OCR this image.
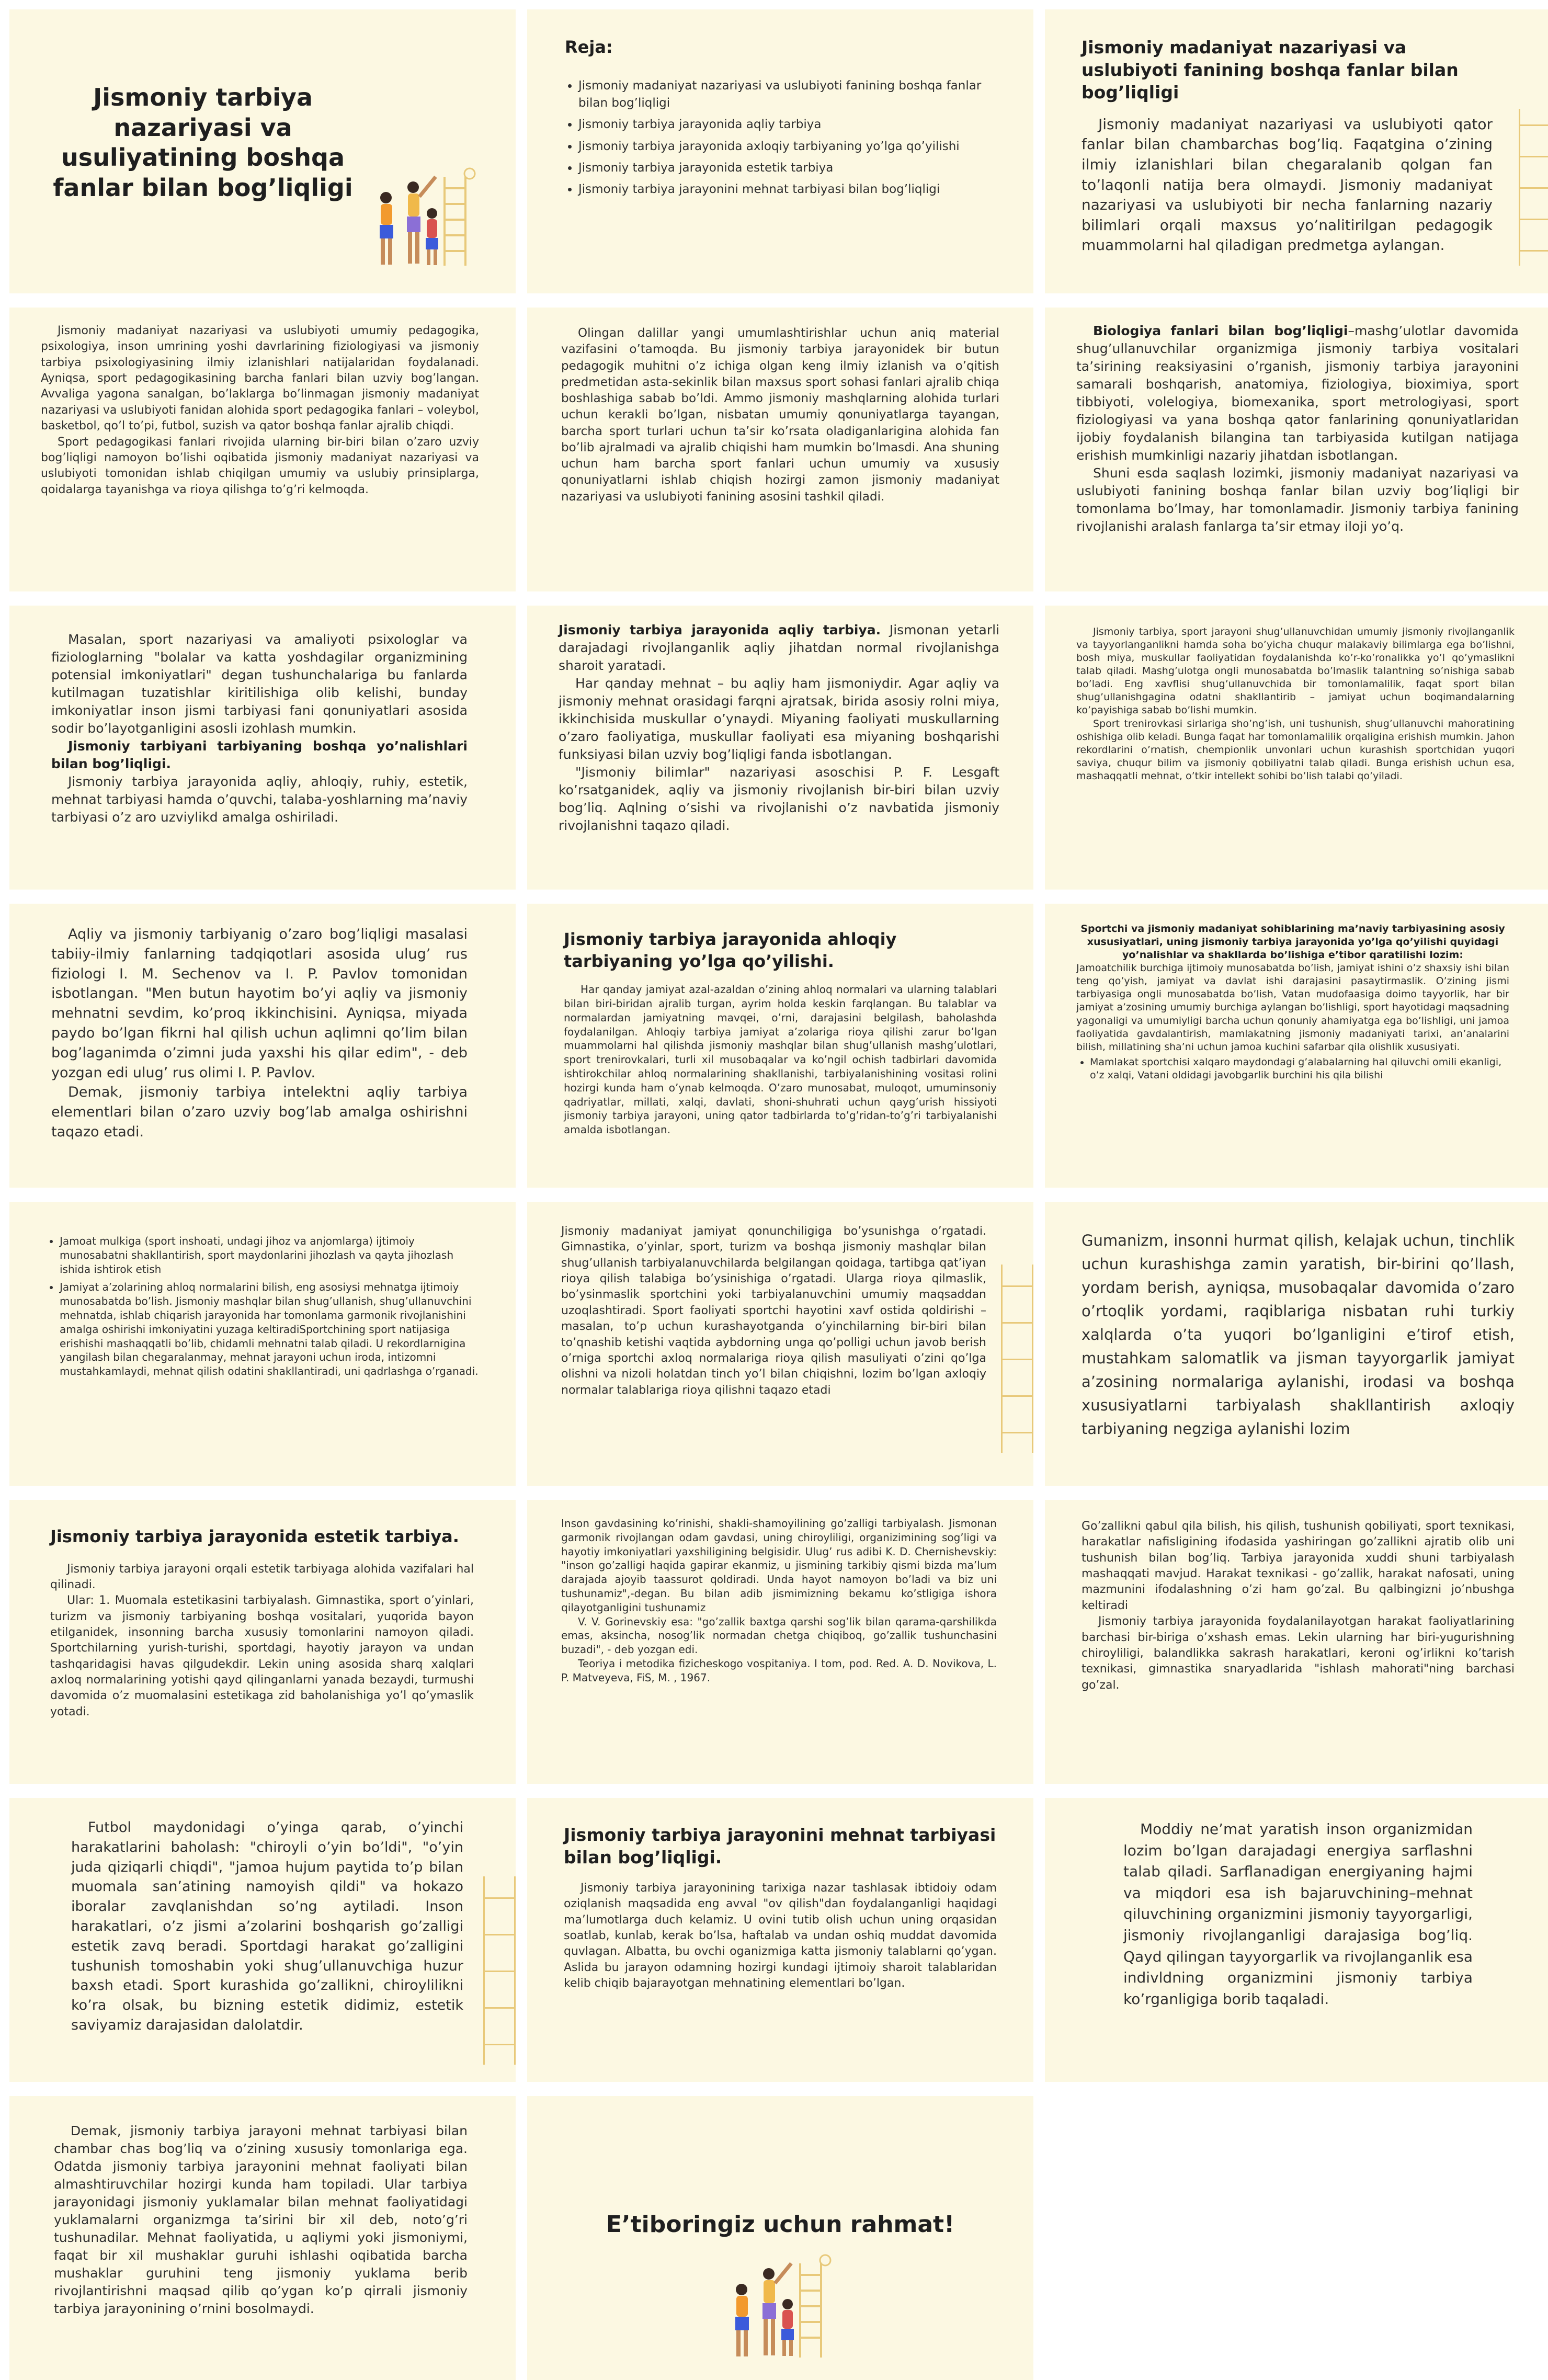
Jismoniy tarbiya nazariyasi va usuliyatining boshqa fanlar bilan bog’liqligi
Reja:
• Jismoniy madaniyat nazariyasi va uslubiyoti fanining boshqa fanlar bilan bog’liqligi
• Jismoniy tarbiya jarayonida aqliy tarbiya
• Jismoniy tarbiya jarayonida axloqiy tarbiyaning yo’lga qo’yilishi
• Jismoniy tarbiya jarayonida estetik tarbiya
• Jismoniy tarbiya jarayonini mehnat tarbiyasi bilan bog’liqligi
Jismoniy madaniyat nazariyasi va uslubiyoti fanining boshqa fanlar bilan bog’liqligi

Jismoniy madaniyat nazariyasi va uslubiyoti qator fanlar bilan chambarchas bog’liq. Faqatgina o’zining ilmiy izlanishlari bilan chegaralanib qolgan fan to’laqonli natija bera olmaydi. Jismoniy madaniyat nazariyasi va uslubiyoti bir necha fanlarning nazariy bilimlari orqali maxsus yo’nalitirilgan pedagogik muammolarni hal qiladigan predmetga aylangan.

Jismoniy madaniyat nazariyasi va uslubiyoti umumiy pedagogika, psixologiya, inson umrining yoshi davrlarining fiziologiyasi va jismoniy tarbiya psixologiyasining ilmiy izlanishlari natijalaridan foydalanadi. Ayniqsa, sport pedagogikasining barcha fanlari bilan uzviy bog’langan. Avvaliga yagona sanalgan, bo’laklarga bo’linmagan jismoniy madaniyat nazariyasi va uslubiyoti fanidan alohida sport pedagogika fanlari – voleybol, basketbol, qo’l to’pi, futbol, suzish va qator boshqa fanlar ajralib chiqdi.

Sport pedagogikasi fanlari rivojida ularning bir-biri bilan o’zaro uzviy bog’liqligi namoyon bo’lishi oqibatida jismoniy madaniyat nazariyasi va uslubiyoti tomonidan ishlab chiqilgan umumiy va uslubiy prinsiplarga, qoidalarga tayanishga va rioya qilishga to’g’ri kelmoqda.

Olingan dalillar yangi umumlashtirishlar uchun aniq material vazifasini o’tamoqda. Bu jismoniy tarbiya jarayonidek bir butun pedagogik muhitni o’z ichiga olgan keng ilmiy izlanish va o’qitish predmetidan asta-sekinlik bilan maxsus sport sohasi fanlari ajralib chiqa boshlashiga sabab bo’ldi. Ammo jismoniy mashqlarning alohida turlari uchun kerakli bo’lgan, nisbatan umumiy qonuniyatlarga tayangan, barcha sport turlari uchun ta’sir ko’rsata oladiganlarigina alohida fan bo’lib ajralmadi va ajralib chiqishi ham mumkin bo’lmasdi. Ana shuning uchun ham barcha sport fanlari uchun umumiy va xususiy qonuniyatlarni ishlab chiqish hozirgi zamon jismoniy madaniyat nazariyasi va uslubiyoti fanining asosini tashkil qiladi.

Biologiya fanlari bilan bog’liqligi–mashg’ulotlar davomida shug’ullanuvchilar organizmiga jismoniy tarbiya vositalari ta’sirining reaksiyasini o’rganish, jismoniy tarbiya jarayonini samarali boshqarish, anatomiya, fiziologiya, bioximiya, sport tibbiyoti, volelogiya, biomexanika, sport metrologiyasi, sport fiziologiyasi va yana boshqa qator fanlarining qonuniyatlaridan ijobiy foydalanish bilangina tan tarbiyasida kutilgan natijaga erishish mumkinligi nazariy jihatdan isbotlangan.

Shuni esda saqlash lozimki, jismoniy madaniyat nazariyasi va uslubiyoti fanining boshqa fanlar bilan uzviy bog’liqligi bir tomonlama bo’lmay, har tomonlamadir. Jismoniy tarbiya fanining rivojlanishi aralash fanlarga ta’sir etmay iloji yo’q.

Masalan, sport nazariyasi va amaliyoti psixologlar va fiziologlarning "bolalar va katta yoshdagilar organizmining potensial imkoniyatlari" degan tushunchalariga bu fanlarda kutilmagan tuzatishlar kiritilishiga olib kelishi, bunday imkoniyatlar inson jismi tarbiyasi fani qonuniyatlari asosida sodir bo’layotganligini asosli izohlash mumkin.

Jismoniy tarbiyani tarbiyaning boshqa yo’nalishlari bilan bog’liqligi.

Jismoniy tarbiya jarayonida aqliy, ahloqiy, ruhiy, estetik, mehnat tarbiyasi hamda o’quvchi, talaba-yoshlarning ma’naviy tarbiyasi o’z aro uzviylikd amalga oshiriladi.

Jismoniy tarbiya jarayonida aqliy tarbiya. Jismonan yetarli darajadagi rivojlanganlik aqliy jihatdan normal rivojlanishga sharoit yaratadi.

Har qanday mehnat – bu aqliy ham jismoniydir. Agar aqliy va jismoniy mehnat orasidagi farqni ajratsak, birida asosiy rolni miya, ikkinchisida muskullar o’ynaydi. Miyaning faoliyati muskullarning o’zaro faoliyatiga, muskullar faoliyati esa miyaning boshqarishi funksiyasi bilan uzviy bog’liqligi fanda isbotlangan.

"Jismoniy bilimlar" nazariyasi asoschisi P. F. Lesgaft ko’rsatganidek, aqliy va jismoniy rivojlanish bir-biri bilan uzviy bog’liq. Aqlning o’sishi va rivojlanishi o’z navbatida jismoniy rivojlanishni taqazo qiladi.

Jismoniy tarbiya, sport jarayoni shug’ullanuvchidan umumiy jismoniy rivojlanganlik va tayyorlanganlikni hamda soha bo’yicha chuqur malakaviy bilimlarga ega bo’lishni, bosh miya, muskullar faoliyatidan foydalanishda ko’r-ko’ronalikka yo’l qo’ymaslikni talab qiladi. Mashg’ulotga ongli munosabatda bo’lmaslik talantning so’nishiga sabab bo’ladi. Eng xavflisi shug’ullanuvchida bir tomonlamalilik, faqat sport bilan shug’ullanishgagina odatni shakllantirib – jamiyat uchun boqimandalarning ko’payishiga sabab bo’lishi mumkin.

Sport trenirovkasi sirlariga sho’ng’ish, uni tushunish, shug’ullanuvchi mahoratining oshishiga olib keladi. Bunga faqat har tomonlamalilik orqaligina erishish mumkin. Jahon rekordlarini o’rnatish, chempionlik unvonlari uchun kurashish sportchidan yuqori saviya, chuqur bilim va jismoniy qobiliyatni talab qiladi. Bunga erishish uchun esa, mashaqqatli mehnat, o’tkir intellekt sohibi bo’lish talabi qo’yiladi.

Aqliy va jismoniy tarbiyanig o’zaro bog’liqligi masalasi tabiiy-ilmiy fanlarning tadqiqotlari asosida ulug’ rus fiziologi I. M. Sechenov va I. P. Pavlov tomonidan isbotlangan. "Men butun hayotim bo’yi aqliy va jismoniy mehnatni sevdim, ko’proq ikkinchisini. Ayniqsa, miyada paydo bo’lgan fikrni hal qilish uchun aqlimni qo’lim bilan bog’laganimda o’zimni juda yaxshi his qilar edim", - deb yozgan edi ulug’ rus olimi I. P. Pavlov.

Demak, jismoniy tarbiya intelektni aqliy tarbiya elementlari bilan o’zaro uzviy bog’lab amalga oshirishni taqazo etadi.

Jismoniy tarbiya jarayonida ahloqiy tarbiyaning yo’lga qo’yilishi.

Har qanday jamiyat azal-azaldan o’zining ahloq normalari va ularning talablari bilan biri-biridan ajralib turgan, ayrim holda keskin farqlangan. Bu talablar va normalardan jamiyatning mavqei, o’rni, darajasini belgilash, baholashda foydalanilgan. Ahloqiy tarbiya jamiyat a’zolariga rioya qilishi zarur bo’lgan muammolarni hal qilishda jismoniy mashqlar bilan shug’ullanish mashg’ulotlari, sport trenirovkalari, turli xil musobaqalar va ko’ngil ochish tadbirlari davomida ishtirokchilar ahloq normalarining shakllanishi, tarbiyalanishining vositasi rolini hozirgi kunda ham o’ynab kelmoqda. O’zaro munosabat, muloqot, umuminsoniy qadriyatlar, millati, xalqi, davlati, shoni-shuhrati uchun qayg’urish hissiyoti jismoniy tarbiya jarayoni, uning qator tadbirlarda to’g’ridan-to’g’ri tarbiyalanishi amalda isbotlangan.

Sportchi va jismoniy madaniyat sohiblarining ma’naviy tarbiyasining asosiy xususiyatlari, uning jismoniy tarbiya jarayonida yo’lga qo’yilishi quyidagi yo’nalishlar va shakllarda bo’lishiga e’tibor qaratilishi lozim:

Jamoatchilik burchiga ijtimoiy munosabatda bo’lish, jamiyat ishini o’z shaxsiy ishi bilan teng qo’yish, jamiyat va davlat ishi darajasini pasaytirmaslik. O’zining jismi tarbiyasiga ongli munosabatda bo’lish, Vatan mudofaasiga doimo tayyorlik, har bir jamiyat a’zosining umumiy burchiga aylangan bo’lishligi, sport hayotidagi maqsadning yagonaligi va umumiyligi barcha uchun qonuniy ahamiyatga ega bo’lishligi, uni jamoa faoliyatida gavdalantirish, mamlakatning jismoniy madaniyati tarixi, an’analarini bilish, millatining sha’ni uchun jamoa kuchini safarbar qila olishlik xususiyati.

• Mamlakat sportchisi xalqaro maydondagi g’alabalarning hal qiluvchi omili ekanligi, o’z xalqi, Vatani oldidagi javobgarlik burchini his qila bilishi
• Jamoat mulkiga (sport inshoati, undagi jihoz va anjomlarga) ijtimoiy munosabatni shakllantirish, sport maydonlarini jihozlash va qayta jihozlash ishida ishtirok etish
• Jamiyat a’zolarining ahloq normalarini bilish, eng asosiysi mehnatga ijtimoiy munosabatda bo’lish. Jismoniy mashqlar bilan shug’ullanish, shug’ullanuvchini mehnatda, ishlab chiqarish jarayonida har tomonlama garmonik rivojlanishini amalga oshirishi imkoniyatini yuzaga keltiradiSportchining sport natijasiga erishishi mashaqqatli bo’lib, chidamli mehnatni talab qiladi. U rekordlarnigina yangilash bilan chegaralanmay, mehnat jarayoni uchun iroda, intizomni mustahkamlaydi, mehnat qilish odatini shakllantiradi, uni qadrlashga o’rganadi.

Jismoniy madaniyat jamiyat qonunchiligiga bo’ysunishga o’rgatadi. Gimnastika, o’yinlar, sport, turizm va boshqa jismoniy mashqlar bilan shug’ullanish tarbiyalanuvchilarda belgilangan qoidaga, tartibga qat’iyan rioya qilish talabiga bo’ysinishiga o’rgatadi. Ularga rioya qilmaslik, bo’ysinmaslik sportchini yoki tarbiyalanuvchini umumiy maqsaddan uzoqlashtiradi. Sport faoliyati sportchi hayotini xavf ostida qoldirishi – masalan, to’p uchun kurashayotganda o’yinchilarning bir-biri bilan to’qnashib ketishi vaqtida aybdorning unga qo’polligi uchun javob berish o’rniga sportchi axloq normalariga rioya qilish masuliyati o’zini qo’lga olishni va nizoli holatdan tinch yo’l bilan chiqishni, lozim bo’lgan axloqiy normalar talablariga rioya qilishni taqazo etadi

Gumanizm, insonni hurmat qilish, kelajak uchun, tinchlik uchun kurashishga zamin yaratish, bir-birini qo’llash, yordam berish, ayniqsa, musobaqalar davomida o’zaro o’rtoqlik yordami, raqiblariga nisbatan ruhi turkiy xalqlarda o’ta yuqori bo’lganligini e’tirof etish, mustahkam salomatlik va jisman tayyorgarlik jamiyat a’zosining normalariga aylanishi, irodasi va boshqa xususiyatlarni tarbiyalash shakllantirish axloqiy tarbiyaning negziga aylanishi lozim

Jismoniy tarbiya jarayonida estetik tarbiya.

Jismoniy tarbiya jarayoni orqali estetik tarbiyaga alohida vazifalari hal qilinadi.

Ular: 1. Muomala estetikasini tarbiyalash. Gimnastika, sport o’yinlari, turizm va jismoniy tarbiyaning boshqa vositalari, yuqorida bayon etilganidek, insonning barcha xususiy tomonlarini namoyon qiladi. Sportchilarning yurish-turishi, sportdagi, hayotiy jarayon va undan tashqaridagisi havas qilgudekdir. Lekin uning asosida sharq xalqlari axloq normalarining yotishi qayd qilinganlarni yanada bezaydi, turmushi davomida o’z muomalasini estetikaga zid baholanishiga yo’l qo’ymaslik yotadi.

Inson gavdasining ko’rinishi, shakli-shamoyilining go’zalligi tarbiyalash. Jismonan garmonik rivojlangan odam gavdasi, uning chiroyliligi, organizimining sog’ligi va hayotiy imkoniyatlari yaxshiligining belgisidir. Ulug’ rus adibi K. D. Chernishevskiy: "inson go’zalligi haqida gapirar ekanmiz, u jismining tarkibiy qismi bizda ma’lum darajada ajoyib taassurot qoldiradi. Unda hayot namoyon bo’ladi va biz uni tushunamiz",-degan. Bu bilan adib jismimizning bekamu ko’stligiga ishora qilayotganligini tushunamiz

V. V. Gorinevskiy esa: "go’zallik baxtga qarshi sog’lik bilan qarama-qarshilikda emas, aksincha, nosog’lik normadan chetga chiqiboq, go’zallik tushunchasini buzadi", - deb yozgan edi.

Teoriya i metodika fizicheskogo vospitaniya. I tom, pod. Red. A. D. Novikova, L. P. Matveyeva, FiS, M. , 1967.

Go’zallikni qabul qila bilish, his qilish, tushunish qobiliyati, sport texnikasi, harakatlar nafisligining ifodasida yashiringan go’zallikni ajratib olib uni tushunish bilan bog’liq. Tarbiya jarayonida xuddi shuni tarbiyalash mashaqqati mavjud. Harakat texnikasi - go’zallik, harakat nafosati, uning mazmunini ifodalashning o’zi ham go’zal. Bu qalbingizni jo’nbushga keltiradi

Jismoniy tarbiya jarayonida foydalanilayotgan harakat faoliyatlarining barchasi bir-biriga o’xshash emas. Lekin ularning har biri-yugurishning chiroyliligi, balandlikka sakrash harakatlari, keroni og’irlikni ko’tarish texnikasi, gimnastika snaryadlarida "ishlash mahorati"ning barchasi go’zal.

Futbol maydonidagi o’yinga qarab, o’yinchi harakatlarini baholash: "chiroyli o’yin bo’ldi", "o’yin juda qiziqarli chiqdi", "jamoa hujum paytida to’p bilan muomala san’atining namoyish qildi" va hokazo iboralar zavqlanishdan so’ng aytiladi. Inson harakatlari, o’z jismi a’zolarini boshqarish go’zalligi estetik zavq beradi. Sportdagi harakat go’zalligini tushunish tomoshabin yoki shug’ullanuvchiga huzur baxsh etadi. Sport kurashida go’zallikni, chiroylilikni ko’ra olsak, bu bizning estetik didimiz, estetik saviyamiz darajasidan dalolatdir.

Jismoniy tarbiya jarayonini mehnat tarbiyasi bilan bog’liqligi.

Jismoniy tarbiya jarayonining tarixiga nazar tashlasak ibtidoiy odam oziqlanish maqsadida eng avval "ov qilish"dan foydalanganligi haqidagi ma’lumotlarga duch kelamiz. U ovini tutib olish uchun uning orqasidan soatlab, kunlab, kerak bo’lsa, haftalab va undan oshiq muddat davomida quvlagan. Albatta, bu ovchi oganizmiga katta jismoniy talablarni qo’ygan. Aslida bu jarayon odamning hozirgi kundagi ijtimoiy sharoit talablaridan kelib chiqib bajarayotgan mehnatining elementlari bo’lgan.

Moddiy ne’mat yaratish inson organizmidan lozim bo’lgan darajadagi energiya sarflashni talab qiladi. Sarflanadigan energiyaning hajmi va miqdori esa ish bajaruvchining–mehnat qiluvchining organizmini jismoniy tayyorgarligi, jismoniy rivojlanganligi darajasiga bog’liq. Qayd qilingan tayyorgarlik va rivojlanganlik esa indivldning organizmini jismoniy tarbiya ko’rganligiga borib taqaladi.

Demak, jismoniy tarbiya jarayoni mehnat tarbiyasi bilan chambar chas bog’liq va o’zining xususiy tomonlariga ega. Odatda jismoniy tarbiya jarayonini mehnat faoliyati bilan almashtiruvchilar hozirgi kunda ham topiladi. Ular tarbiya jarayonidagi jismoniy yuklamalar bilan mehnat faoliyatidagi yuklamalarni organizmga ta’sirini bir xil deb, noto’g’ri tushunadilar. Mehnat faoliyatida, u aqliymi yoki jismoniymi, faqat bir xil mushaklar guruhi ishlashi oqibatida barcha mushaklar guruhini teng jismoniy yuklama berib rivojlantirishni maqsad qilib qo’ygan ko’p qirrali jismoniy tarbiya jarayonining o’rnini bosolmaydi.

E’tiboringiz uchun rahmat!
